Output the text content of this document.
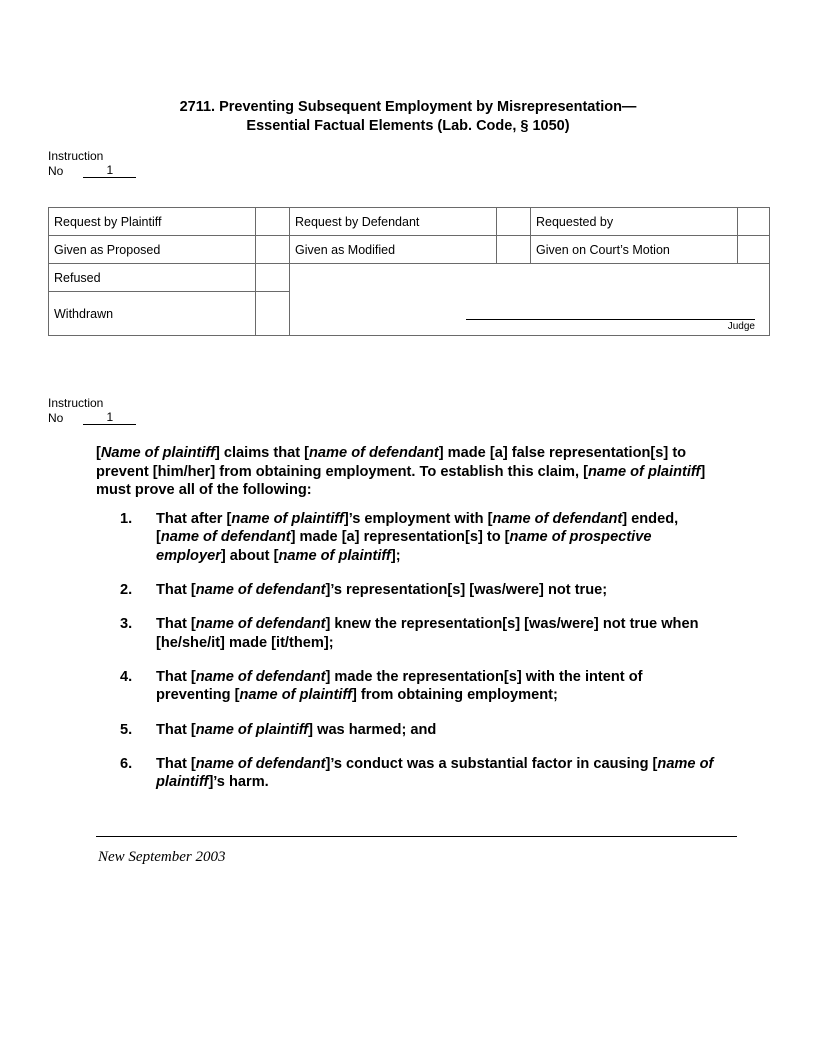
2711. Preventing Subsequent Employment by Misrepresentation—
Essential Factual Elements (Lab. Code, § 1050)
Instruction
No	1
Request by Plaintiff		Request by Defendant		Requested by	
Given as Proposed		Given as Modified		Given on Court’s Motion	
Refused		Judge			

Withdrawn					
Instruction
No	1

[Name of plaintiff] claims that [name of defendant] made [a] false representation[s] to prevent [him/her] from obtaining employment. To establish this claim, [name of plaintiff] must prove all of the following:

1. That after [name of plaintiff]’s employment with [name of defendant] ended, [name of defendant] made [a] representation[s] to [name of prospective employer] about [name of plaintiff];
2. That [name of defendant]’s representation[s] [was/were] not true;
3. That [name of defendant] knew the representation[s] [was/were] not true when [he/she/it] made [it/them];
4. That [name of defendant] made the representation[s] with the intent of preventing [name of plaintiff] from obtaining employment;
5. That [name of plaintiff] was harmed; and
6. That [name of defendant]’s conduct was a substantial factor in causing [name of plaintiff]’s harm.
New September 2003
